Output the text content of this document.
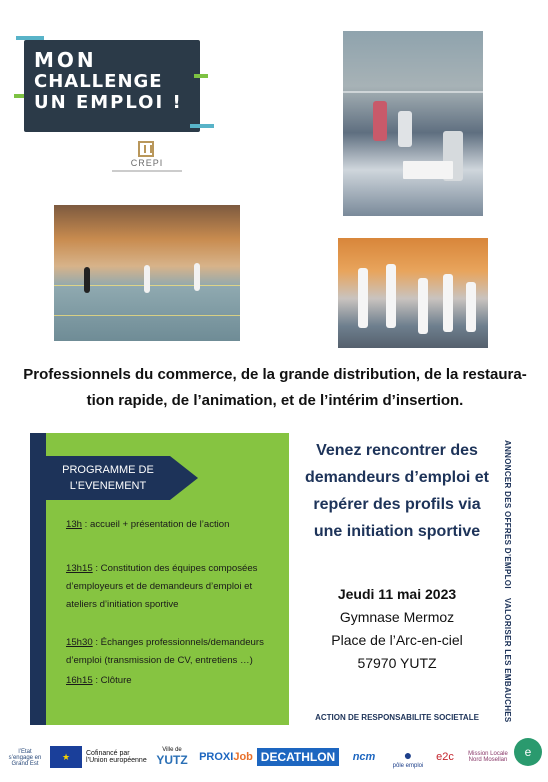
MON
CHALLENGE
UN EMPLOI !
CREPI
Professionnels du commerce, de la grande distribution, de la restaura-
tion rapide, de l’animation, et de l’intérim d’insertion.
PROGRAMME DE
L’EVENEMENT
13h : accueil + présentation de l’action
13h15 : Constitution des équipes composées d’employeurs et de demandeurs d’emploi et ateliers d’initiation sportive
15h30 : Échanges professionnels/demandeurs d’emploi (transmission de CV, entretiens …)
16h15 : Clôture
Venez rencontrer des
demandeurs d’emploi et
repérer des profils via
une initiation sportive
Jeudi 11 mai 2023
Gymnase Mermoz
Place de l’Arc-en-ciel
57970 YUTZ
ACTION DE RESPONSABILITE SOCIETALE
ANNONCER DES OFFRES D’EMPLOI
VALORISER LES EMBAUCHES
l’Etat s’engage en Grand Est
★	Cofinancé par l’Union européenne
Ville de
YUTZ PROXI Job DECATHLON	ncm ●
pôle emploi
e2c	Mission Locale Nord Mosellan
e
